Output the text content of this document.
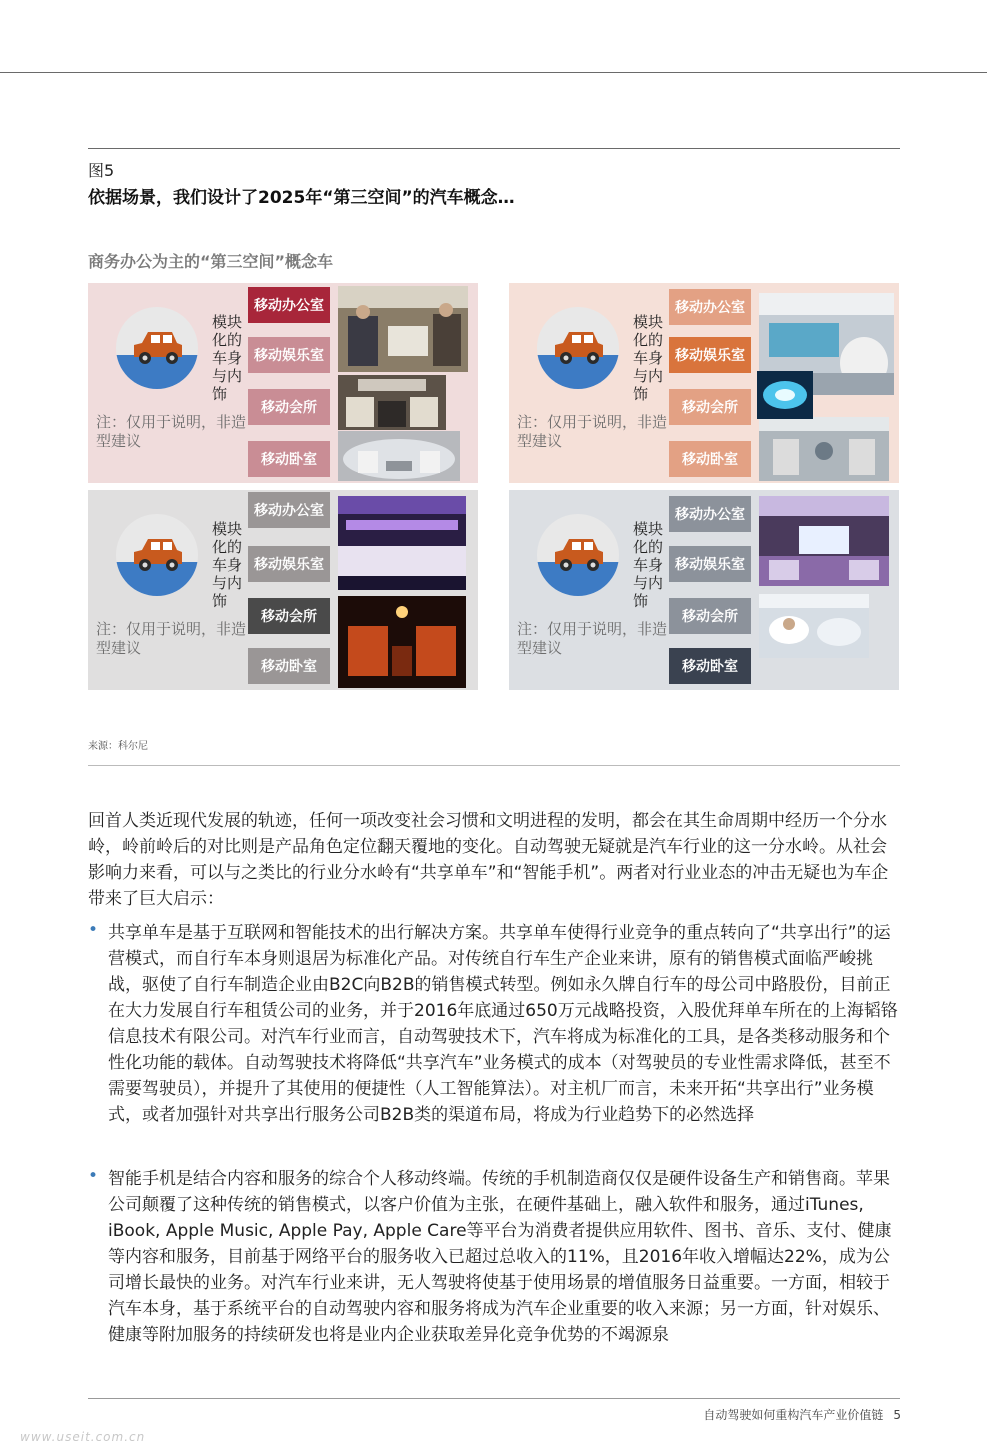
图5
依据场景，我们设计了2025年“第三空间”的汽车概念…
商务办公为主的“第三空间”概念车
模块化的车身与内饰
注：仅用于说明，非造型建议
移动办公室
移动娱乐室
移动会所
移动卧室
模块化的车身与内饰
注：仅用于说明，非造型建议
移动办公室
移动娱乐室
移动会所
移动卧室
模块化的车身与内饰
注：仅用于说明，非造型建议
移动办公室
移动娱乐室
移动会所
移动卧室
模块化的车身与内饰
注：仅用于说明，非造型建议
移动办公室
移动娱乐室
移动会所
移动卧室
来源：科尔尼

回首人类近现代发展的轨迹，任何一项改变社会习惯和文明进程的发明，都会在其生命周期中经历一个分水岭，岭前岭后的对比则是产品角色定位翻天覆地的变化。自动驾驶无疑就是汽车行业的这一分水岭。从社会影响力来看，可以与之类比的行业分水岭有“共享单车”和“智能手机”。两者对行业业态的冲击无疑也为车企带来了巨大启示：

• 共享单车是基于互联网和智能技术的出行解决方案。共享单车使得行业竞争的重点转向了“共享出行”的运营模式，而自行车本身则退居为标准化产品。对传统自行车生产企业来讲，原有的销售模式面临严峻挑战，驱使了自行车制造企业由B2C向B2B的销售模式转型。例如永久牌自行车的母公司中路股份，目前正在大力发展自行车租赁公司的业务，并于2016年底通过650万元战略投资，入股优拜单车所在的上海韬铬信息技术有限公司。对汽车行业而言，自动驾驶技术下，汽车将成为标准化的工具，是各类移动服务和个性化功能的载体。自动驾驶技术将降低“共享汽车”业务模式的成本（对驾驶员的专业性需求降低，甚至不需要驾驶员），并提升了其使用的便捷性（人工智能算法）。对主机厂而言，未来开拓“共享出行”业务模式，或者加强针对共享出行服务公司B2B类的渠道布局，将成为行业趋势下的必然选择

• 智能手机是结合内容和服务的综合个人移动终端。传统的手机制造商仅仅是硬件设备生产和销售商。苹果公司颠覆了这种传统的销售模式，以客户价值为主张，在硬件基础上，融入软件和服务，通过iTunes, iBook, Apple Music, Apple Pay, Apple Care等平台为消费者提供应用软件、图书、音乐、支付、健康等内容和服务，目前基于网络平台的服务收入已超过总收入的11%，且2016年收入增幅达22%，成为公司增长最快的业务。对汽车行业来讲，无人驾驶将使基于使用场景的增值服务日益重要。一方面，相较于汽车本身，基于系统平台的自动驾驶内容和服务将成为汽车企业重要的收入来源；另一方面，针对娱乐、健康等附加服务的持续研发也将是业内企业获取差异化竞争优势的不竭源泉

自动驾驶如何重构汽车产业价值链 5
www.useit.com.cn
